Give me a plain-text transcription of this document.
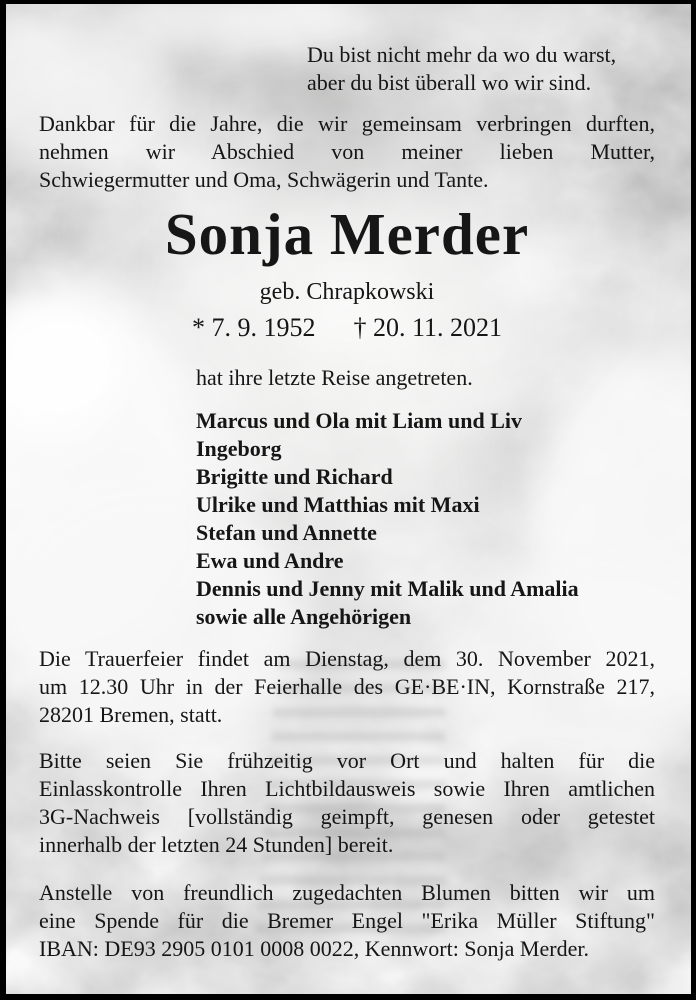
Du bist nicht mehr da wo du warst,
aber du bist überall wo wir sind.
Dankbar für die Jahre, die wir gemeinsam verbringen durften,
nehmen wir Abschied von meiner lieben Mutter,
Schwiegermutter und Oma, Schwägerin und Tante.
Sonja Merder
geb. Chrapkowski
* 7. 9. 1952 † 20. 11. 2021
hat ihre letzte Reise angetreten.
Marcus und Ola mit Liam und Liv
Ingeborg
Brigitte und Richard
Ulrike und Matthias mit Maxi
Stefan und Annette
Ewa und Andre
Dennis und Jenny mit Malik und Amalia
sowie alle Angehörigen
Die Trauerfeier findet am Dienstag, dem 30. November 2021,
um 12.30 Uhr in der Feierhalle des GE·BE·IN, Kornstraße 217,
28201 Bremen, statt.
Bitte seien Sie frühzeitig vor Ort und halten für die
Einlasskontrolle Ihren Lichtbildausweis sowie Ihren amtlichen
3G-Nachweis [vollständig geimpft, genesen oder getestet
innerhalb der letzten 24 Stunden] bereit.
Anstelle von freundlich zugedachten Blumen bitten wir um
eine Spende für die Bremer Engel "Erika Müller Stiftung"
IBAN: DE93 2905 0101 0008 0022, Kennwort: Sonja Merder.
